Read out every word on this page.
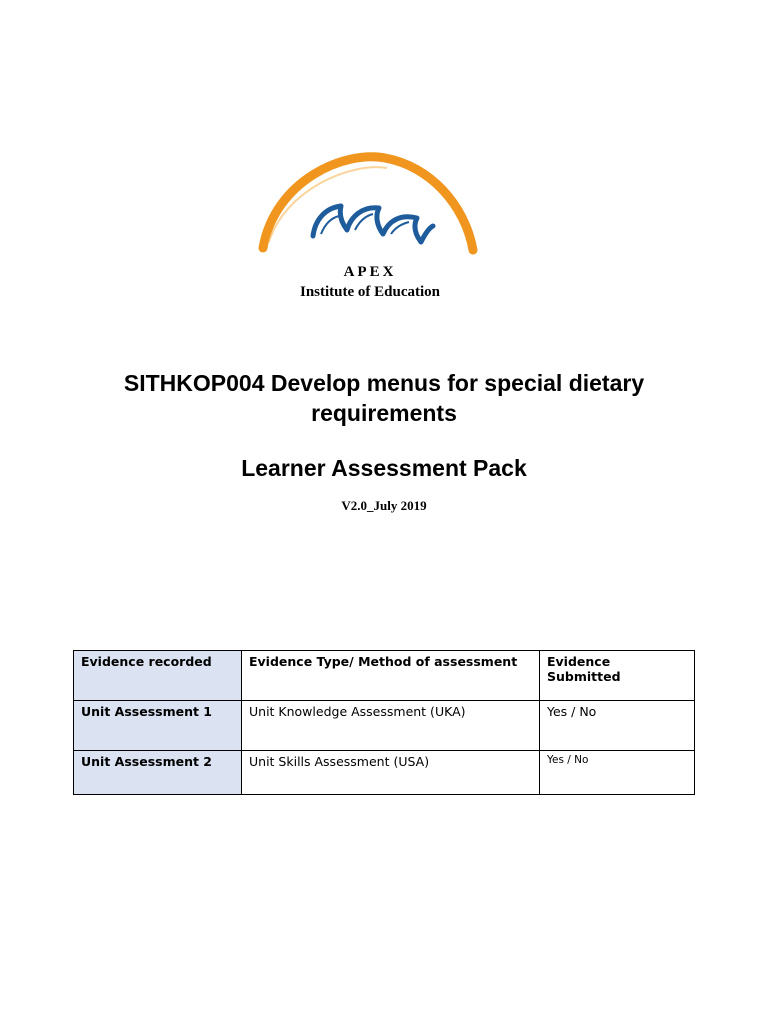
APEX
Institute of Education
SITHKOP004 Develop menus for special dietary requirements
Learner Assessment Pack
V2.0_July 2019
Evidence recorded	Evidence Type/ Method of assessment	Evidence Submitted
Unit Assessment 1	Unit Knowledge Assessment (UKA)	Yes / No
Unit Assessment 2	Unit Skills Assessment (USA)	Yes / No
